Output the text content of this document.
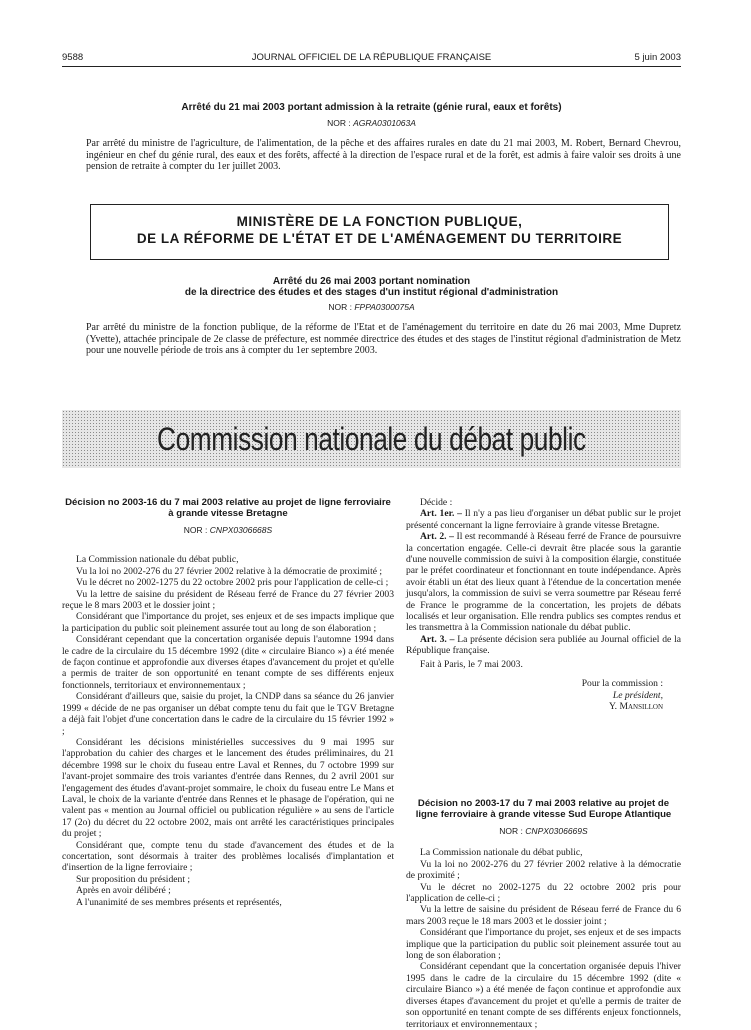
9588	JOURNAL OFFICIEL DE LA RÉPUBLIQUE FRANÇAISE	5 juin 2003
Arrêté du 21 mai 2003 portant admission à la retraite (génie rural, eaux et forêts)
NOR : AGRA0301063A
Par arrêté du ministre de l'agriculture, de l'alimentation, de la pêche et des affaires rurales en date du 21 mai 2003, M. Robert, Bernard Chevrou, ingénieur en chef du génie rural, des eaux et des forêts, affecté à la direction de l'espace rural et de la forêt, est admis à faire valoir ses droits à une pension de retraite à compter du 1er juillet 2003.
MINISTÈRE DE LA FONCTION PUBLIQUE,
DE LA RÉFORME DE L'ÉTAT ET DE L'AMÉNAGEMENT DU TERRITOIRE
Arrêté du 26 mai 2003 portant nomination
de la directrice des études et des stages d'un institut régional d'administration
NOR : FPPA0300075A
Par arrêté du ministre de la fonction publique, de la réforme de l'Etat et de l'aménagement du territoire en date du 26 mai 2003, Mme Dupretz (Yvette), attachée principale de 2e classe de préfecture, est nommée directrice des études et des stages de l'institut régional d'administration de Metz pour une nouvelle période de trois ans à compter du 1er septembre 2003.
Commission nationale du débat public

Décision no 2003-16 du 7 mai 2003 relative au projet de ligne ferroviaire à grande vitesse Bretagne

NOR : CNPX0306668S

La Commission nationale du débat public,

Vu la loi no 2002-276 du 27 février 2002 relative à la démocratie de proximité ;

Vu le décret no 2002-1275 du 22 octobre 2002 pris pour l'application de celle-ci ;

Vu la lettre de saisine du président de Réseau ferré de France du 27 février 2003 reçue le 8 mars 2003 et le dossier joint ;

Considérant que l'importance du projet, ses enjeux et de ses impacts implique que la participation du public soit pleinement assurée tout au long de son élaboration ;

Considérant cependant que la concertation organisée depuis l'automne 1994 dans le cadre de la circulaire du 15 décembre 1992 (dite « circulaire Bianco ») a été menée de façon continue et approfondie aux diverses étapes d'avancement du projet et qu'elle a permis de traiter de son opportunité en tenant compte de ses différents enjeux fonctionnels, territoriaux et environnementaux ;

Considérant d'ailleurs que, saisie du projet, la CNDP dans sa séance du 26 janvier 1999 « décide de ne pas organiser un débat compte tenu du fait que le TGV Bretagne a déjà fait l'objet d'une concertation dans le cadre de la circulaire du 15 février 1992 » ;

Considérant les décisions ministérielles successives du 9 mai 1995 sur l'approbation du cahier des charges et le lancement des études préliminaires, du 21 décembre 1998 sur le choix du fuseau entre Laval et Rennes, du 7 octobre 1999 sur l'avant-projet sommaire des trois variantes d'entrée dans Rennes, du 2 avril 2001 sur l'engagement des études d'avant-projet sommaire, le choix du fuseau entre Le Mans et Laval, le choix de la variante d'entrée dans Rennes et le phasage de l'opération, qui ne valent pas « mention au Journal officiel ou publication régulière » au sens de l'article 17 (2o) du décret du 22 octobre 2002, mais ont arrêté les caractéristiques principales du projet ;

Considérant que, compte tenu du stade d'avancement des études et de la concertation, sont désormais à traiter des problèmes localisés d'implantation et d'insertion de la ligne ferroviaire ;

Sur proposition du président ;

Après en avoir délibéré ;

A l'unanimité de ses membres présents et représentés,

Décide :

Art. 1er. – Il n'y a pas lieu d'organiser un débat public sur le projet présenté concernant la ligne ferroviaire à grande vitesse Bretagne.

Art. 2. – Il est recommandé à Réseau ferré de France de poursuivre la concertation engagée. Celle-ci devrait être placée sous la garantie d'une nouvelle commission de suivi à la composition élargie, constituée par le préfet coordinateur et fonctionnant en toute indépendance. Après avoir établi un état des lieux quant à l'étendue de la concertation menée jusqu'alors, la commission de suivi se verra soumettre par Réseau ferré de France le programme de la concertation, les projets de débats localisés et leur organisation. Elle rendra publics ses comptes rendus et les transmettra à la Commission nationale du débat public.

Art. 3. – La présente décision sera publiée au Journal officiel de la République française.

Fait à Paris, le 7 mai 2003.

Pour la commission :

Le président,

Y. Mansillon

Décision no 2003-17 du 7 mai 2003 relative au projet de ligne ferroviaire à grande vitesse Sud Europe Atlantique

NOR : CNPX0306669S

La Commission nationale du débat public,

Vu la loi no 2002-276 du 27 février 2002 relative à la démocratie de proximité ;

Vu le décret no 2002-1275 du 22 octobre 2002 pris pour l'application de celle-ci ;

Vu la lettre de saisine du président de Réseau ferré de France du 6 mars 2003 reçue le 18 mars 2003 et le dossier joint ;

Considérant que l'importance du projet, ses enjeux et de ses impacts implique que la participation du public soit pleinement assurée tout au long de son élaboration ;

Considérant cependant que la concertation organisée depuis l'hiver 1995 dans le cadre de la circulaire du 15 décembre 1992 (dite « circulaire Bianco ») a été menée de façon continue et approfondie aux diverses étapes d'avancement du projet et qu'elle a permis de traiter de son opportunité en tenant compte de ses différents enjeux fonctionnels, territoriaux et environnementaux ;
